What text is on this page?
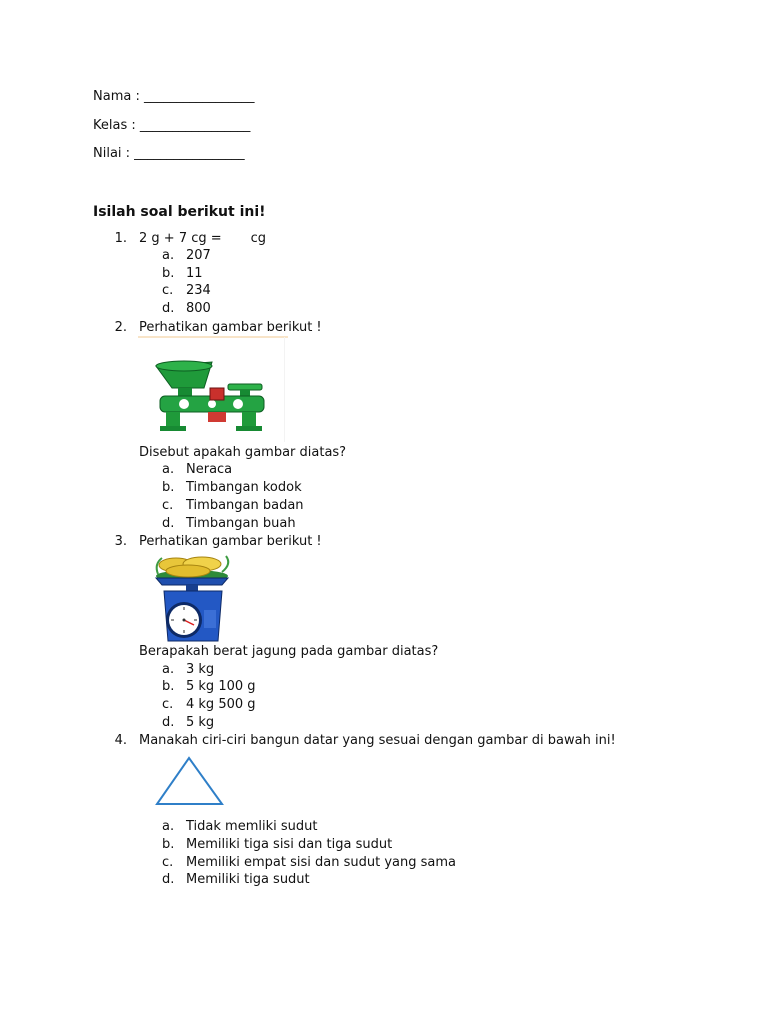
Nama : _________________
Kelas : _________________
Nilai : _________________
Isilah soal berikut ini!
1. 2 g + 7 cg =       cg
a. 207
b. 11
c. 234
d. 800
2. Perhatikan gambar berikut !
Disebut apakah gambar diatas?
a. Neraca
b. Timbangan kodok
c. Timbangan badan
d. Timbangan buah
3. Perhatikan gambar berikut !
Berapakah berat jagung pada gambar diatas?
a. 3 kg
b. 5 kg 100 g
c. 4 kg 500 g
d. 5 kg
4. Manakah ciri-ciri bangun datar yang sesuai dengan gambar di bawah ini!
a. Tidak memliki sudut
b. Memiliki tiga sisi dan tiga sudut
c. Memiliki empat sisi dan sudut yang sama
d. Memiliki tiga sudut
